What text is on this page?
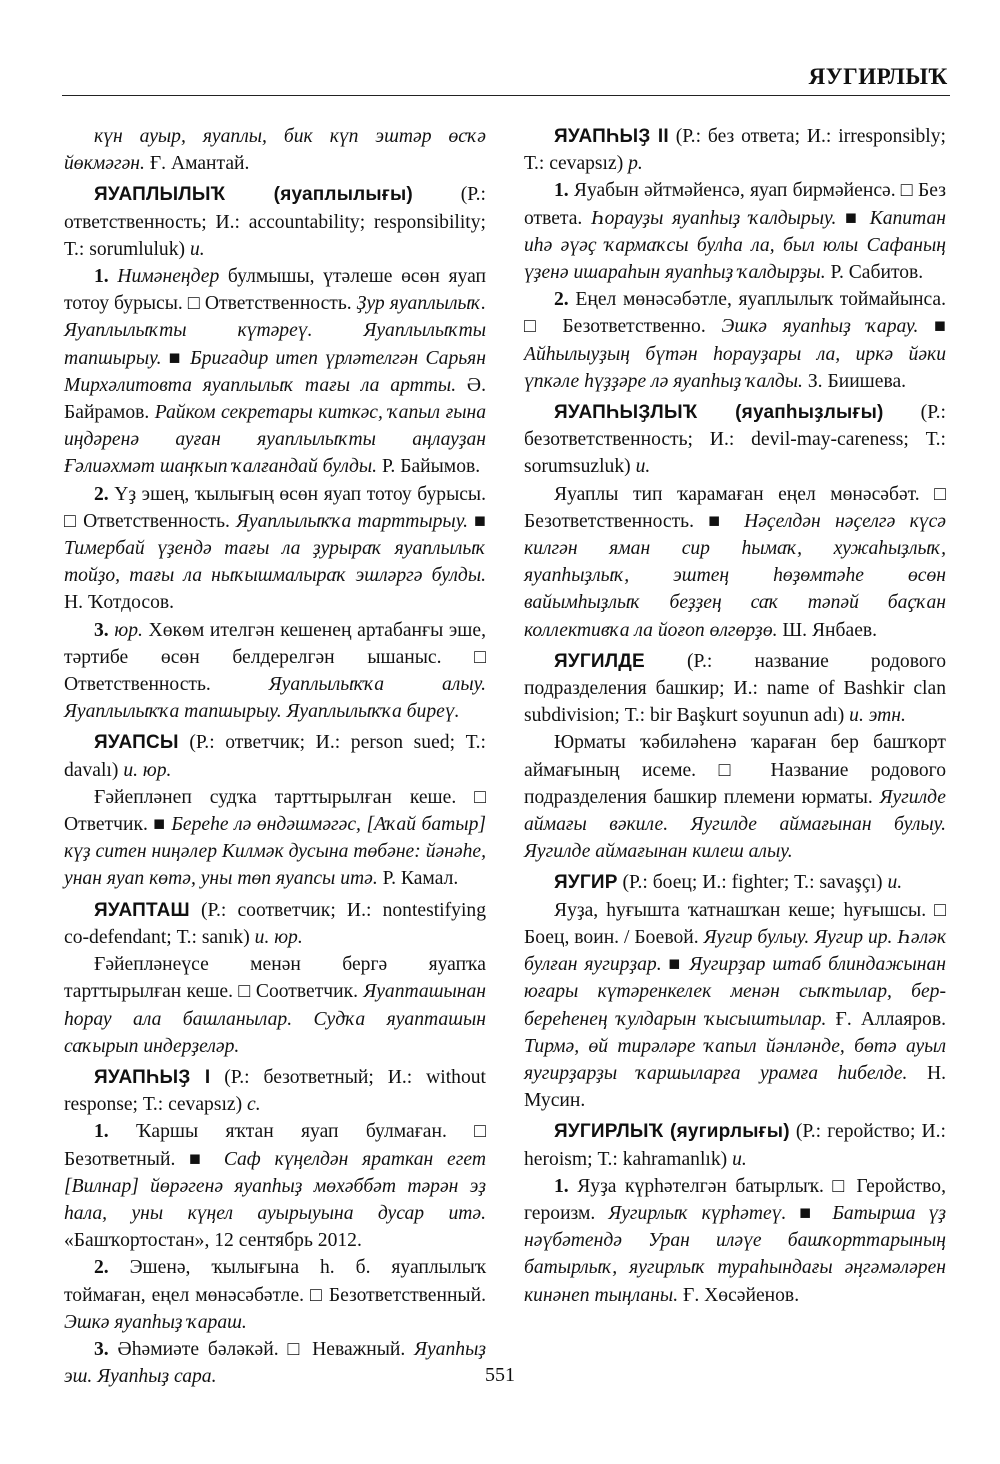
ЯУГИРЛЫҠ

күн ауыр, яуаплы, бик күп эштәр өсҡә йөкмәгән. Ғ. Амантай.

ЯУАПЛЫЛЫҠ (яуаплылығы) (Р.: ответственность; И.: accountability; responsibility; Т.: sorumluluk) и.

1. Нимәнеңдер булмышы, үтәлеше өсөн яуап тотоу бурысы. □ Ответственность. Ҙур яуаплылыҡ. Яуаплылыҡты күтәреү. Яуаплылыҡты тапшырыу. ■ Бригадир итеп үрләтелгән Сарьян Мирхәлитовта яуаплылыҡ тағы ла артты. Ә. Байрамов. Райком секретары киткәс, ҡапыл ғына иңдәренә ауған яуаплылыҡты аңлауҙан Ғәлиәхмәт шаңҡып ҡалғандай булды. Р. Байымов.

2. Үҙ эшең, ҡылығың өсөн яуап тотоу бурысы. □ Ответственность. Яуаплылыҡҡа тарттырыу. ■ Тимербай үҙендә тағы ла ҙурыраҡ яуаплылыҡ тойҙо, тағы ла ныҡышмалыраҡ эшләргә булды. Н. Ҡотдосов.

3. юр. Хөкөм ителгән кешенең артабанғы эше, тәртибе өсөн белдерелгән ышаныс. □ Ответственность. Яуаплылыҡҡа алыу. Яуаплылыҡҡа тапшырыу. Яуаплылыҡҡа биреү.

ЯУАПСЫ (Р.: ответчик; И.: person sued; Т.: davalı) и. юр.

Ғәйепләнеп судҡа тарттырылған кеше. □ Ответчик. ■ Береһе лә өндәшмәгәс, [Аҡай батыр] күҙ ситен ниңәлер Килмәк дусына төбәне: йәнәһе, унан яуап көтә, уны төп яуапсы итә. Р. Камал.

ЯУАПТАШ (Р.: соответчик; И.: nontestifying co-defendant; Т.: sanık) и. юр.

Ғәйепләнеүсе менән бергә яуапҡа тарттырылған кеше. □ Соответчик. Яуапташынан һорау ала башланылар. Судҡа яуапташын саҡырып индерҙеләр.

ЯУАПҺЫҘ I (Р.: безответный; И.: without response; Т.: cevapsız) с.

1. Ҡаршы яҡтан яуап булмаған. □ Безответный. ■ Саф күңелдән яраткан егет [Вилнар] йөрәгенә яуапһыҙ мөхәббәт тәрән эҙ һала, уны күңел ауырыуына дусар итә. «Башҡортостан», 12 сентябрь 2012.

2. Эшенә, ҡылығына һ. б. яуаплылыҡ тоймаған, еңел мөнәсәбәтле. □ Безответственный. Эшкә яуапһыҙ ҡараш.

3. Әһәмиәте бәләкәй. □ Неважный. Яуапһыҙ эш. Яуапһыҙ сара.

ЯУАПҺЫҘ II (Р.: без ответа; И.: irresponsibly; Т.: cevapsız) р.

1. Яуабын әйтмәйенсә, яуап бирмәйенсә. □ Без ответа. Һорауҙы яуапһыҙ ҡалдырыу. ■ Капитан иһә әүәҫ ҡармаҡсы булһа ла, был юлы Сафаның үҙенә ишараһын яуапһыҙ ҡалдырҙы. Р. Сабитов.

2. Еңел мөнәсәбәтле, яуаплылыҡ тоймайынса. □ Безответственно. Эшкә яуапһыҙ ҡарау. ■ Айһылыуҙың бүтән һорауҙары ла, иркә йәки үпкәле һүҙҙәре лә яуапһыҙ ҡалды. З. Биишева.

ЯУАПҺЫҘЛЫҠ (яуапһыҙлығы) (Р.: безответственность; И.: devil-may-careness; Т.: sorumsuzluk) и.

Яуаплы тип ҡарамаған еңел мөнәсәбәт. □ Безответственность. ■ Нәҫелдән нәҫелгә күсә килгән яман сир һымаҡ, хужаһыҙлыҡ, яуапһыҙлыҡ, эштең һөҙөмтәһе өсөн вайымһыҙлыҡ беҙҙең саҡ тәпәй баҫҡан коллективҡа ла йоғоп өлгөрҙө. Ш. Янбаев.

ЯУГИЛДЕ (Р.: название родового подразделения башкир; И.: name of Bashkir clan subdivision; Т.: bir Başkurt soyunun adı) и. этн.

Юрматы ҡәбиләһенә ҡараған бер башҡорт аймағының исеме. □ Название родового подразделения башкир племени юрматы. Яугилде аймағы вәкиле. Яугилде аймағынан булыу. Яугилде аймағынан килеш алыу.

ЯУГИР (Р.: боец; И.: fighter; Т.: savaşçı) и.

Яуҙа, һуғышта ҡатнашҡан кеше; һуғышсы. □ Боец, воин. / Боевой. Яугир булыу. Яугир ир. Һәләк булған яугирҙар. ■ Яугирҙар штаб блиндажынан юғары күтәренкелек менән сыҡтылар, бер-береһенең ҡулдарын ҡысыштылар. Ғ. Аллаяров. Тирмә, өй тирәләре ҡапыл йәнләнде, бөтә ауыл яугирҙарҙы ҡаршыларға урамға һибелде. Н. Мусин.

ЯУГИРЛЫҠ (яугирлығы) (Р.: геройство; И.: heroism; Т.: kahramanlık) и.

1. Яуҙа күрһәтелгән батырлыҡ. □ Геройство, героизм. Яугирлыҡ күрһәтеү. ■ Батырша үҙ нәүбәтендә Уран иләүе башҡорттарының батырлыҡ, яугирлыҡ тураһындағы әңгәмәләрен кинәнеп тыңланы. Ғ. Хөсәйенов.

551
